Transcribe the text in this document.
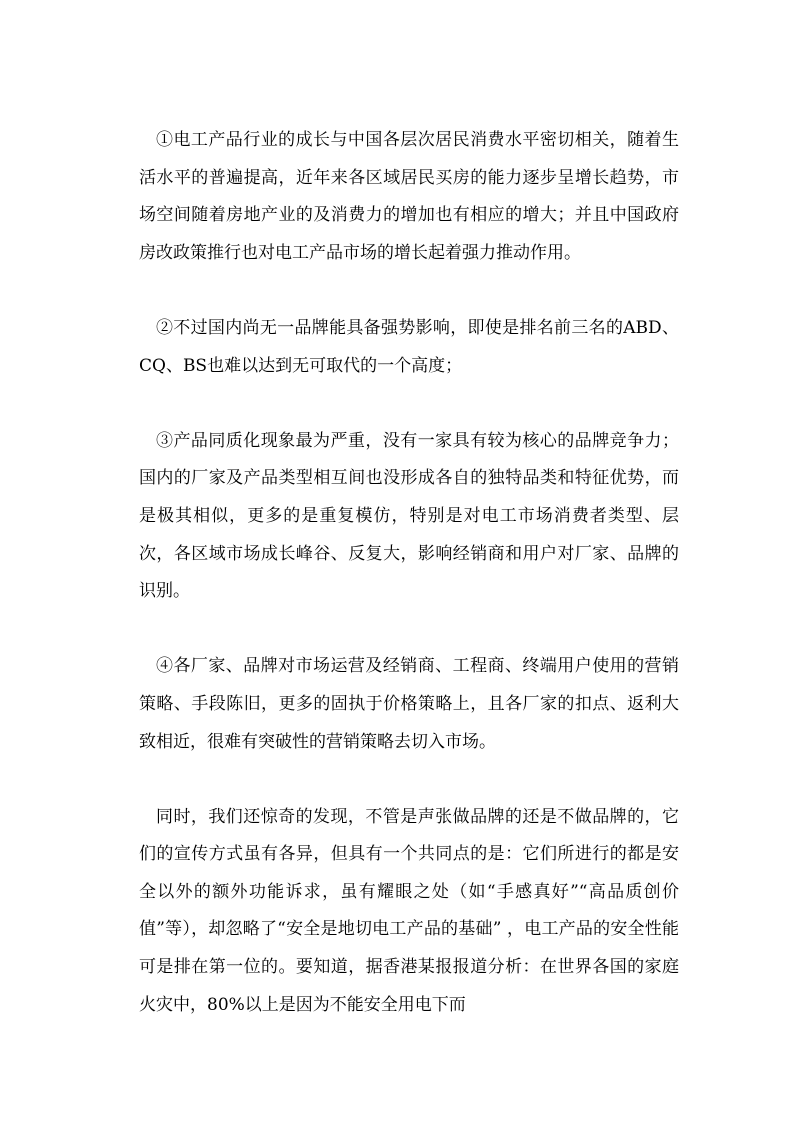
①电工产品行业的成长与中国各层次居民消费水平密切相关，随着生活水平的普遍提高，近年来各区域居民买房的能力逐步呈增长趋势，市场空间随着房地产业的及消费力的增加也有相应的增大；并且中国政府房改政策推行也对电工产品市场的增长起着强力推动作用。

②不过国内尚无一品牌能具备强势影响，即使是排名前三名的ABD、CQ、BS也难以达到无可取代的一个高度；

③产品同质化现象最为严重，没有一家具有较为核心的品牌竞争力；国内的厂家及产品类型相互间也没形成各自的独特品类和特征优势，而是极其相似，更多的是重复模仿，特别是对电工市场消费者类型、层次，各区域市场成长峰谷、反复大，影响经销商和用户对厂家、品牌的识别。

④各厂家、品牌对市场运营及经销商、工程商、终端用户使用的营销策略、手段陈旧，更多的固执于价格策略上，且各厂家的扣点、返利大致相近，很难有突破性的营销策略去切入市场。

同时，我们还惊奇的发现，不管是声张做品牌的还是不做品牌的，它们的宣传方式虽有各异，但具有一个共同点的是：它们所进行的都是安全以外的额外功能诉求，虽有耀眼之处（如“手感真好”“高品质创价值”等），却忽略了“安全是地切电工产品的基础” ，电工产品的安全性能可是排在第一位的。要知道，据香港某报报道分析：在世界各国的家庭火灾中，80%以上是因为不能安全用电下而
